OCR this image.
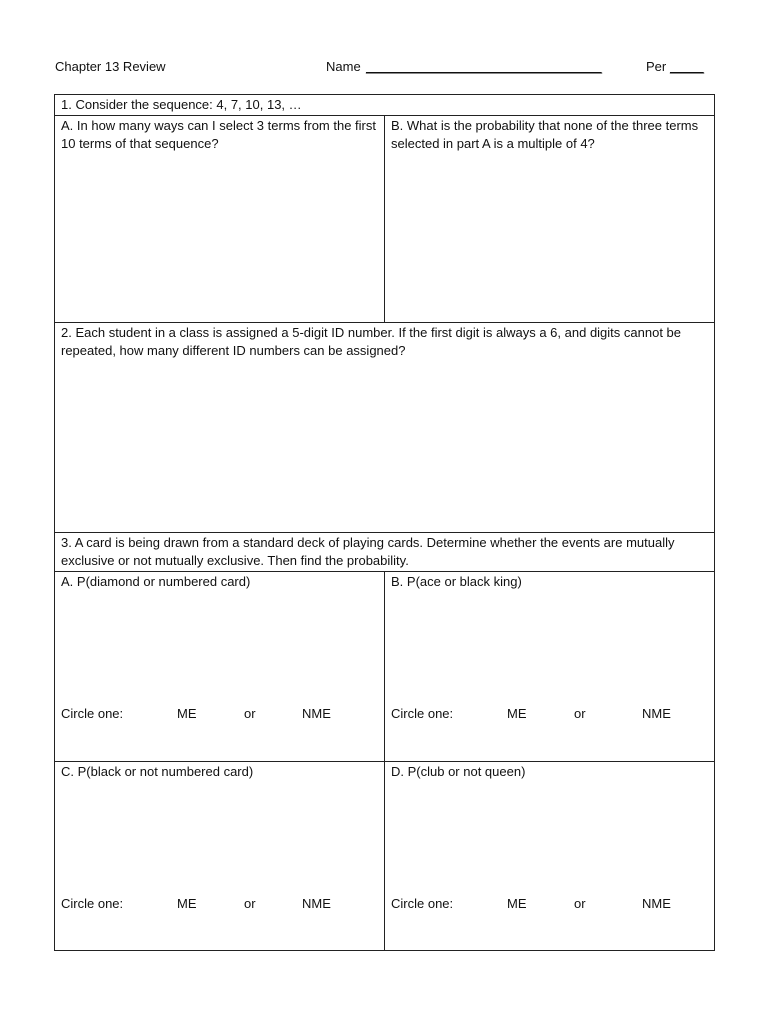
Chapter 13 Review	Name ___________________________________	Per _____
1. Consider the sequence: 4, 7, 10, 13, …
A. In how many ways can I select 3 terms from the first 10 terms of that sequence?
B. What is the probability that none of the three terms selected in part A is a multiple of 4?
2. Each student in a class is assigned a 5-digit ID number. If the first digit is always a 6, and digits cannot be repeated, how many different ID numbers can be assigned?
3. A card is being drawn from a standard deck of playing cards. Determine whether the events are mutually exclusive or not mutually exclusive. Then find the probability.
A. P(diamond or numbered card)
Circle one:	ME	or	NME
B. P(ace or black king)
Circle one:	ME	or	NME
C. P(black or not numbered card)
Circle one:	ME	or	NME
D. P(club or not queen)
Circle one:	ME	or	NME
